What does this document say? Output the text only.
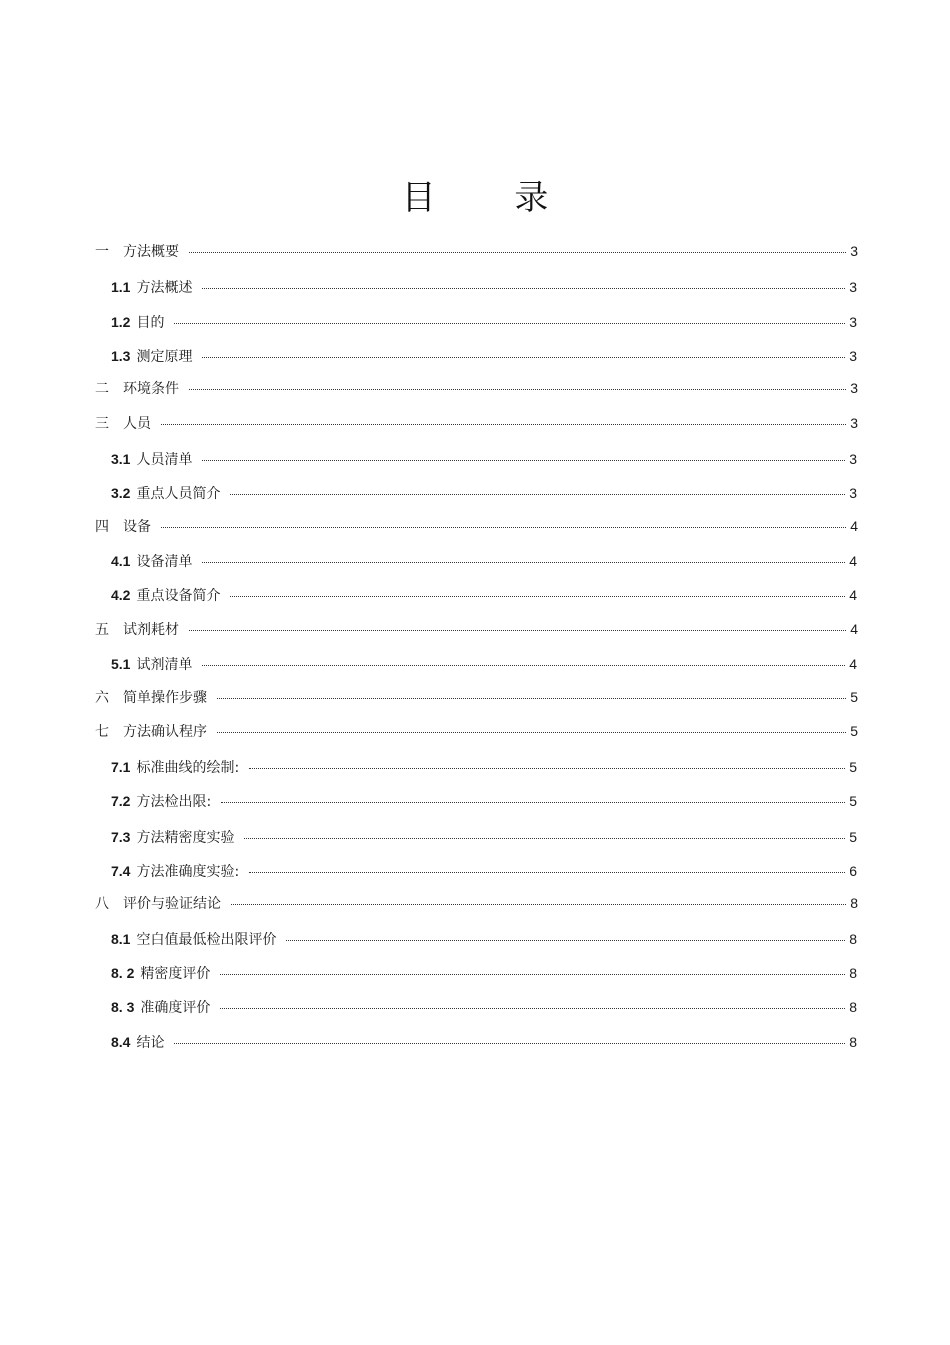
目 录
一 方法概要	3
1.1 方法概述	3
1.2 目的	3
1.3 测定原理	3
二 环境条件	3
三 人员	3
3.1 人员清单	3
3.2 重点人员简介	3
四 设备	4
4.1 设备清单	4
4.2 重点设备简介	4
五 试剂耗材	4
5.1 试剂清单	4
六 简单操作步骤	5
七 方法确认程序	5
7.1 标准曲线的绘制:	5
7.2 方法检出限:	5
7.3 方法精密度实验	5
7.4 方法准确度实验:	6
八 评价与验证结论	8
8.1 空白值最低检出限评价	8
8. 2 精密度评价	8
8. 3 准确度评价	8
8.4 结论	8
